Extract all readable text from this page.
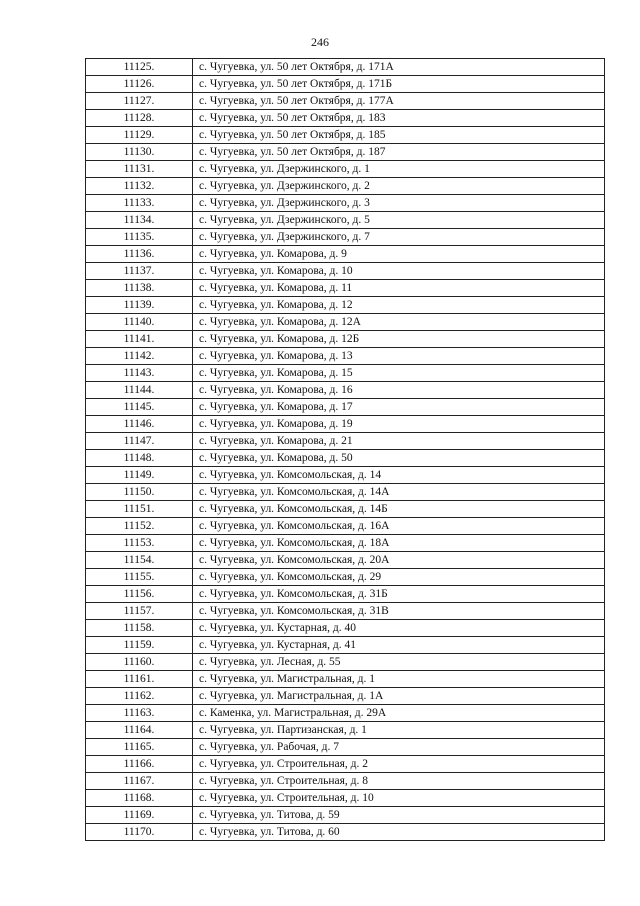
246
11125.	с. Чугуевка, ул. 50 лет Октября, д. 171А
11126.	с. Чугуевка, ул. 50 лет Октября, д. 171Б
11127.	с. Чугуевка, ул. 50 лет Октября, д. 177А
11128.	с. Чугуевка, ул. 50 лет Октября, д. 183
11129.	с. Чугуевка, ул. 50 лет Октября, д. 185
11130.	с. Чугуевка, ул. 50 лет Октября, д. 187
11131.	с. Чугуевка, ул. Дзержинского, д. 1
11132.	с. Чугуевка, ул. Дзержинского, д. 2
11133.	с. Чугуевка, ул. Дзержинского, д. 3
11134.	с. Чугуевка, ул. Дзержинского, д. 5
11135.	с. Чугуевка, ул. Дзержинского, д. 7
11136.	с. Чугуевка, ул. Комарова, д. 9
11137.	с. Чугуевка, ул. Комарова, д. 10
11138.	с. Чугуевка, ул. Комарова, д. 11
11139.	с. Чугуевка, ул. Комарова, д. 12
11140.	с. Чугуевка, ул. Комарова, д. 12А
11141.	с. Чугуевка, ул. Комарова, д. 12Б
11142.	с. Чугуевка, ул. Комарова, д. 13
11143.	с. Чугуевка, ул. Комарова, д. 15
11144.	с. Чугуевка, ул. Комарова, д. 16
11145.	с. Чугуевка, ул. Комарова, д. 17
11146.	с. Чугуевка, ул. Комарова, д. 19
11147.	с. Чугуевка, ул. Комарова, д. 21
11148.	с. Чугуевка, ул. Комарова, д. 50
11149.	с. Чугуевка, ул. Комсомольская, д. 14
11150.	с. Чугуевка, ул. Комсомольская, д. 14А
11151.	с. Чугуевка, ул. Комсомольская, д. 14Б
11152.	с. Чугуевка, ул. Комсомольская, д. 16А
11153.	с. Чугуевка, ул. Комсомольская, д. 18А
11154.	с. Чугуевка, ул. Комсомольская, д. 20А
11155.	с. Чугуевка, ул. Комсомольская, д. 29
11156.	с. Чугуевка, ул. Комсомольская, д. 31Б
11157.	с. Чугуевка, ул. Комсомольская, д. 31В
11158.	с. Чугуевка, ул. Кустарная, д. 40
11159.	с. Чугуевка, ул. Кустарная, д. 41
11160.	с. Чугуевка, ул. Лесная, д. 55
11161.	с. Чугуевка, ул. Магистральная, д. 1
11162.	с. Чугуевка, ул. Магистральная, д. 1А
11163.	с. Каменка, ул. Магистральная, д. 29А
11164.	с. Чугуевка, ул. Партизанская, д. 1
11165.	с. Чугуевка, ул. Рабочая, д. 7
11166.	с. Чугуевка, ул. Строительная, д. 2
11167.	с. Чугуевка, ул. Строительная, д. 8
11168.	с. Чугуевка, ул. Строительная, д. 10
11169.	с. Чугуевка, ул. Титова, д. 59
11170.	с. Чугуевка, ул. Титова, д. 60
